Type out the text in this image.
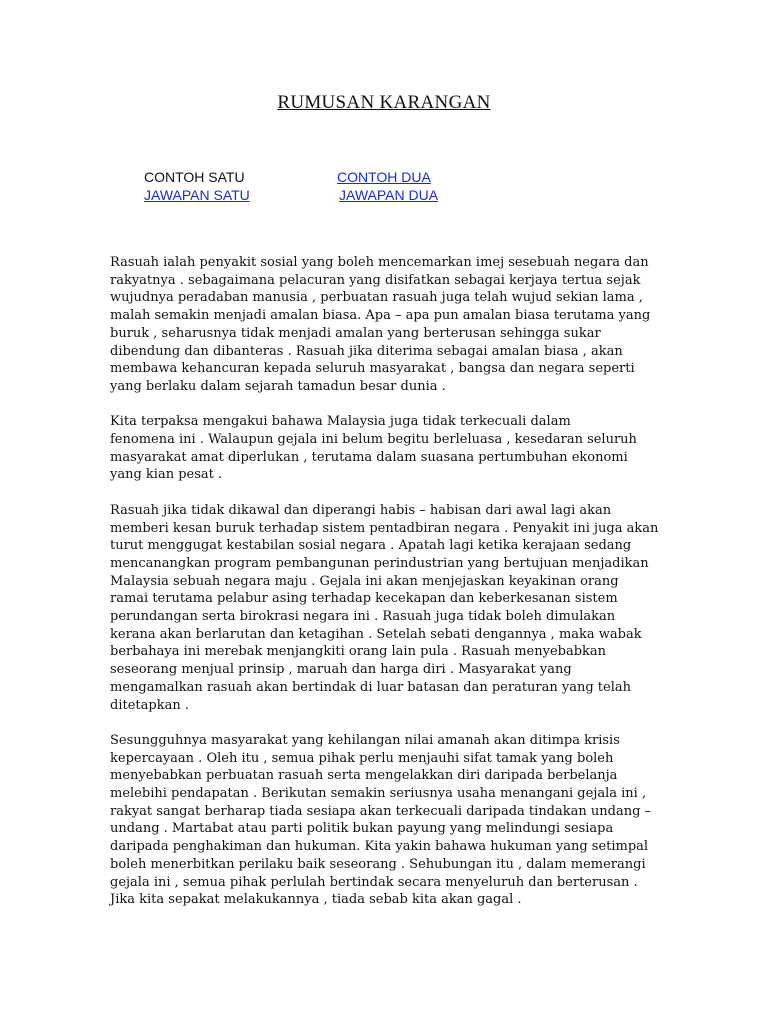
RUMUSAN KARANGAN
CONTOH SATU	CONTOH DUA
JAWAPAN SATU	JAWAPAN DUA

Rasuah ialah penyakit sosial yang boleh mencemarkan imej sesebuah negara dan
rakyatnya . sebagaimana pelacuran yang disifatkan sebagai kerjaya tertua sejak
wujudnya peradaban manusia , perbuatan rasuah juga telah wujud sekian lama ,
malah semakin menjadi amalan biasa. Apa – apa pun amalan biasa terutama yang
buruk , seharusnya tidak menjadi amalan yang berterusan sehingga sukar
dibendung dan dibanteras . Rasuah jika diterima sebagai amalan biasa , akan
membawa kehancuran kepada seluruh masyarakat , bangsa dan negara seperti
yang berlaku dalam sejarah tamadun besar dunia .

Kita terpaksa mengakui bahawa Malaysia juga tidak terkecuali dalam
fenomena ini . Walaupun gejala ini belum begitu berleluasa , kesedaran seluruh
masyarakat amat diperlukan , terutama dalam suasana pertumbuhan ekonomi
yang kian pesat .

Rasuah jika tidak dikawal dan diperangi habis – habisan dari awal lagi akan
memberi kesan buruk terhadap sistem pentadbiran negara . Penyakit ini juga akan
turut menggugat kestabilan sosial negara . Apatah lagi ketika kerajaan sedang
mencanangkan program pembangunan perindustrian yang bertujuan menjadikan
Malaysia sebuah negara maju . Gejala ini akan menjejaskan keyakinan orang
ramai terutama pelabur asing terhadap kecekapan dan keberkesanan sistem
perundangan serta birokrasi negara ini . Rasuah juga tidak boleh dimulakan
kerana akan berlarutan dan ketagihan . Setelah sebati dengannya , maka wabak
berbahaya ini merebak menjangkiti orang lain pula . Rasuah menyebabkan
seseorang menjual prinsip , maruah dan harga diri . Masyarakat yang
mengamalkan rasuah akan bertindak di luar batasan dan peraturan yang telah
ditetapkan .

Sesungguhnya masyarakat yang kehilangan nilai amanah akan ditimpa krisis
kepercayaan . Oleh itu , semua pihak perlu menjauhi sifat tamak yang boleh
menyebabkan perbuatan rasuah serta mengelakkan diri daripada berbelanja
melebihi pendapatan . Berikutan semakin seriusnya usaha menangani gejala ini ,
rakyat sangat berharap tiada sesiapa akan terkecuali daripada tindakan undang –
undang . Martabat atau parti politik bukan payung yang melindungi sesiapa
daripada penghakiman dan hukuman. Kita yakin bahawa hukuman yang setimpal
boleh menerbitkan perilaku baik seseorang . Sehubungan itu , dalam memerangi
gejala ini , semua pihak perlulah bertindak secara menyeluruh dan berterusan .
Jika kita sepakat melakukannya , tiada sebab kita akan gagal .
